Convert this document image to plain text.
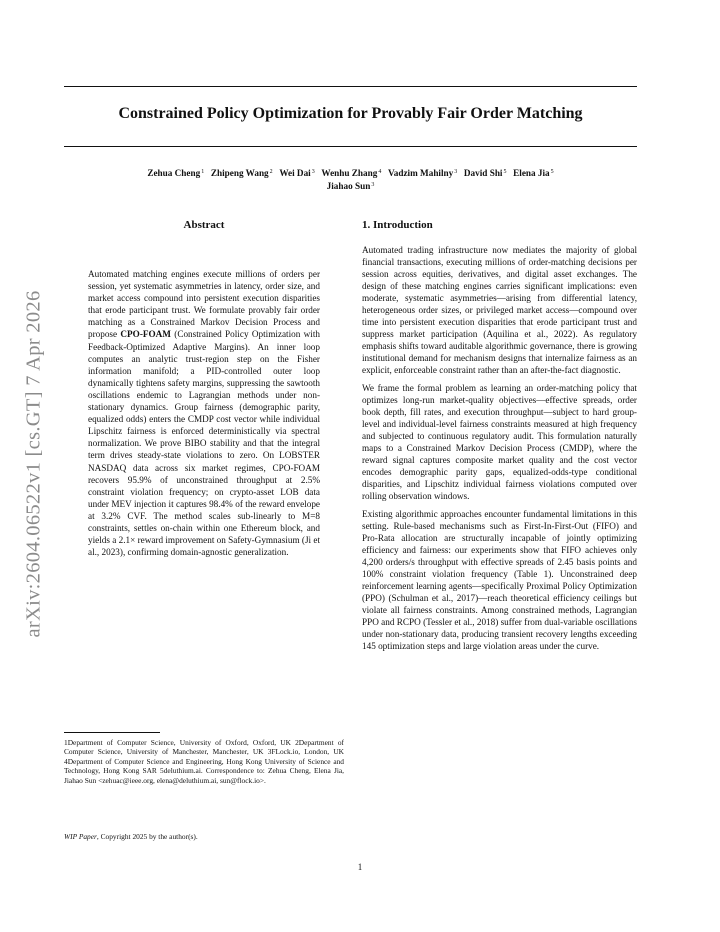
Constrained Policy Optimization for Provably Fair Order Matching
Zehua Cheng$^1$ Zhipeng Wang$^2$ Wei Dai$^3$ Wenhu Zhang$^4$ Vadzim Mahilny$^3$ David Shi$^5$ Elena Jia$^5$
Jiahao Sun$^3$
arXiv:2604.06522v1 [cs.GT] 7 Apr 2026
Abstract
Automated matching engines execute millions of orders per session, yet systematic asymmetries in latency, order size, and market access compound into persistent execution disparities that erode participant trust. We formulate provably fair order matching as a Constrained Markov Decision Process and propose CPO-FOAM (Constrained Policy Optimization with Feedback-Optimized Adaptive Margins). An inner loop computes an analytic trust-region step on the Fisher information manifold; a PID-controlled outer loop dynamically tightens safety margins, suppressing the sawtooth oscillations endemic to Lagrangian methods under non-stationary dynamics. Group fairness (demographic parity, equalized odds) enters the CMDP cost vector while individual Lipschitz fairness is enforced deterministically via spectral normalization. We prove BIBO stability and that the integral term drives steady-state violations to zero. On LOBSTER NASDAQ data across six market regimes, CPO-FOAM recovers 95.9% of unconstrained throughput at 2.5% constraint violation frequency; on crypto-asset LOB data under MEV injection it captures 98.4% of the reward envelope at 3.2% CVF. The method scales sub-linearly to M=8 constraints, settles on-chain within one Ethereum block, and yields a 2.1× reward improvement on Safety-Gymnasium (Ji et al., 2023), confirming domain-agnostic generalization.
1Department of Computer Science, University of Oxford, Oxford, UK 2Department of Computer Science, University of Manchester, Manchester, UK 3FLock.io, London, UK 4Department of Computer Science and Engineering, Hong Kong University of Science and Technology, Hong Kong SAR 5deluthium.ai. Correspondence to: Zehua Cheng, Elena Jia, Jiahao Sun <zehuac@ieee.org, elena@deluthium.ai, sun@flock.io>.
WIP Paper, Copyright 2025 by the author(s).
1. Introduction

Automated trading infrastructure now mediates the majority of global financial transactions, executing millions of order-matching decisions per session across equities, derivatives, and digital asset exchanges. The design of these matching engines carries significant implications: even moderate, systematic asymmetries—arising from differential latency, heterogeneous order sizes, or privileged market access—compound over time into persistent execution disparities that erode participant trust and suppress market participation (Aquilina et al., 2022). As regulatory emphasis shifts toward auditable algorithmic governance, there is growing institutional demand for mechanism designs that internalize fairness as an explicit, enforceable constraint rather than an after-the-fact diagnostic.

We frame the formal problem as learning an order-matching policy that optimizes long-run market-quality objectives—effective spreads, order book depth, fill rates, and execution throughput—subject to hard group-level and individual-level fairness constraints measured at high frequency and subjected to continuous regulatory audit. This formulation naturally maps to a Constrained Markov Decision Process (CMDP), where the reward signal captures composite market quality and the cost vector encodes demographic parity gaps, equalized-odds-type conditional disparities, and Lipschitz individual fairness violations computed over rolling observation windows.

Existing algorithmic approaches encounter fundamental limitations in this setting. Rule-based mechanisms such as First-In-First-Out (FIFO) and Pro-Rata allocation are structurally incapable of jointly optimizing efficiency and fairness: our experiments show that FIFO achieves only 4,200 orders/s throughput with effective spreads of 2.45 basis points and 100% constraint violation frequency (Table 1). Unconstrained deep reinforcement learning agents—specifically Proximal Policy Optimization (PPO) (Schulman et al., 2017)—reach theoretical efficiency ceilings but violate all fairness constraints. Among constrained methods, Lagrangian PPO and RCPO (Tessler et al., 2018) suffer from dual-variable oscillations under non-stationary data, producing transient recovery lengths exceeding 145 optimization steps and large violation areas under the curve.

1
